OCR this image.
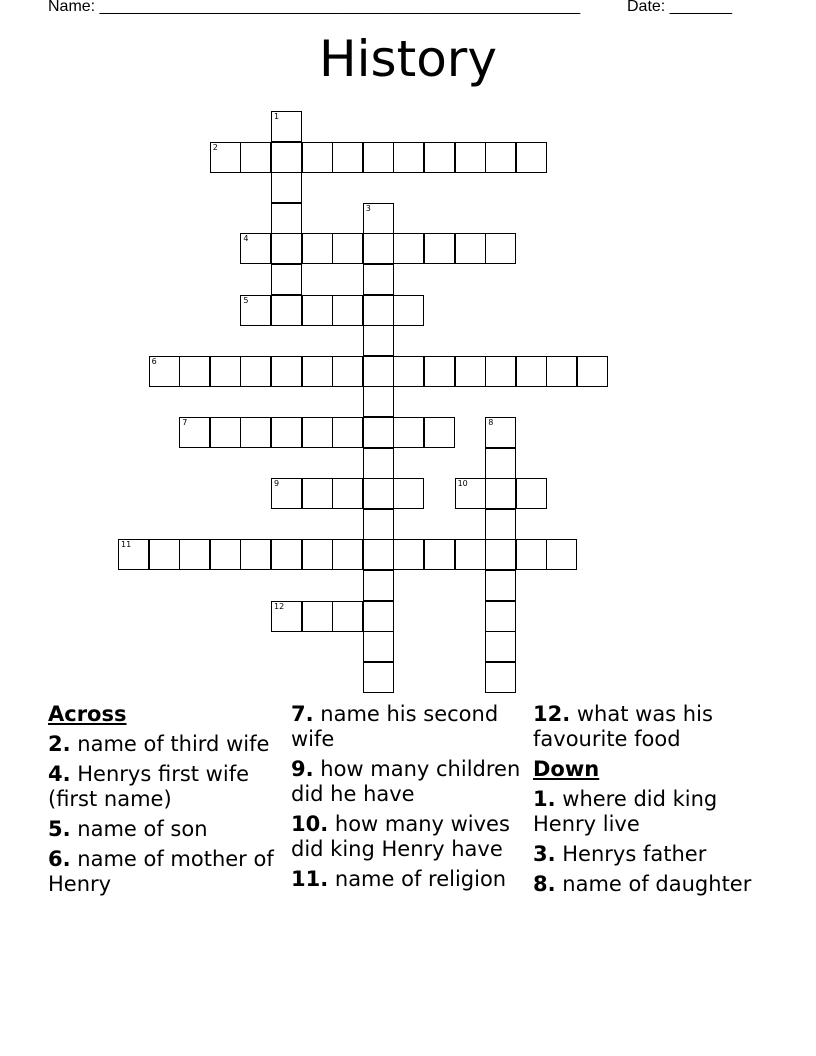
Name: ______________________________________________________	Date: _______
History
1
2
3
4
5
6
7	8
9	10
11
12
Across
2. name of third wife
4. Henrys first wife (first name)
5. name of son
6. name of mother of Henry
7. name his second wife
9. how many children did he have
10. how many wives did king Henry have
11. name of religion
12. what was his favourite food
Down
1. where did king Henry live
3. Henrys father
8. name of daughter
